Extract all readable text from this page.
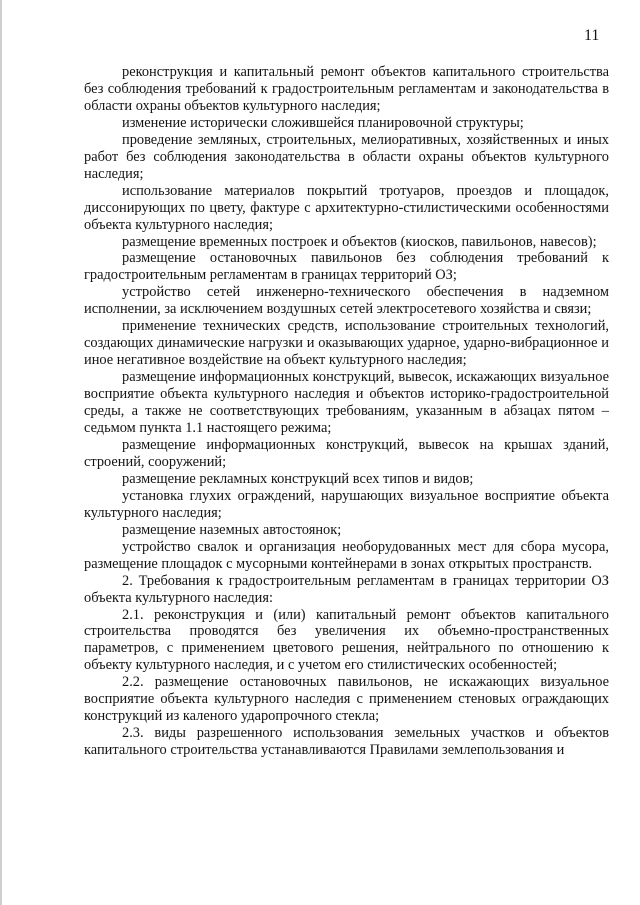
11

реконструкция и капитальный ремонт объектов капитального строительства без соблюдения требований к градостроительным регламентам и законодательства в области охраны объектов культурного наследия;

изменение исторически сложившейся планировочной структуры;

проведение земляных, строительных, мелиоративных, хозяйственных и иных работ без соблюдения законодательства в области охраны объектов культурного наследия;

использование материалов покрытий тротуаров, проездов и площадок, диссонирующих по цвету, фактуре с архитектурно-стилистическими особенностями объекта культурного наследия;

размещение временных построек и объектов (киосков, павильонов, навесов);

размещение остановочных павильонов без соблюдения требований к градостроительным регламентам в границах территорий ОЗ;

устройство сетей инженерно-технического обеспечения в надземном исполнении, за исключением воздушных сетей электросетевого хозяйства и связи;

применение технических средств, использование строительных технологий, создающих динамические нагрузки и оказывающих ударное, ударно-вибрационное и иное негативное воздействие на объект культурного наследия;

размещение информационных конструкций, вывесок, искажающих визуальное восприятие объекта культурного наследия и объектов историко-градостроительной среды, а также не соответствующих требованиям, указанным в абзацах пятом – седьмом пункта 1.1 настоящего режима;

размещение информационных конструкций, вывесок на крышах зданий, строений, сооружений;

размещение рекламных конструкций всех типов и видов;

установка глухих ограждений, нарушающих визуальное восприятие объекта культурного наследия;

размещение наземных автостоянок;

устройство свалок и организация необорудованных мест для сбора мусора, размещение площадок с мусорными контейнерами в зонах открытых пространств.

2. Требования к градостроительным регламентам в границах территории ОЗ объекта культурного наследия:

2.1. реконструкция и (или) капитальный ремонт объектов капитального строительства проводятся без увеличения их объемно-пространственных параметров, с применением цветового решения, нейтрального по отношению к объекту культурного наследия, и с учетом его стилистических особенностей;

2.2. размещение остановочных павильонов, не искажающих визуальное восприятие объекта культурного наследия с применением стеновых ограждающих конструкций из каленого ударопрочного стекла;

2.3. виды разрешенного использования земельных участков и объектов капитального строительства устанавливаются Правилами землепользования и
